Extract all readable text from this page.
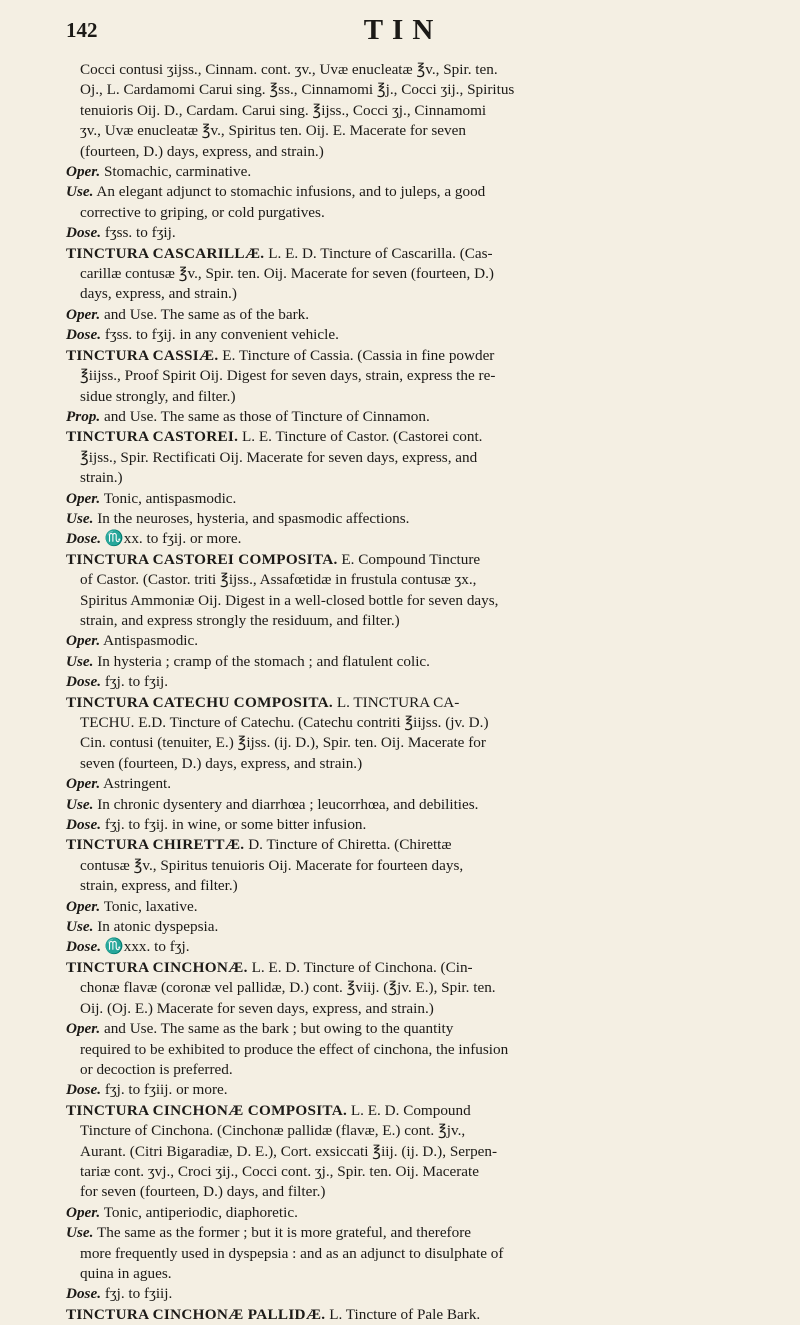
142	TIN

Cocci contusi ʒijss., Cinnam. cont. ʒv., Uvæ enucleatæ ℥v., Spir. ten.

Oj., L. Cardamomi Carui sing. ℥ss., Cinnamomi ℥j., Cocci ʒij., Spiritus

tenuioris Oij. D., Cardam. Carui sing. ℥ijss., Cocci ʒj., Cinnamomi

ʒv., Uvæ enucleatæ ℥v., Spiritus ten. Oij. E. Macerate for seven

(fourteen, D.) days, express, and strain.)

Oper. Stomachic, carminative.

Use. An elegant adjunct to stomachic infusions, and to juleps, a good

corrective to griping, or cold purgatives.

Dose. fʒss. to fʒij.

TINCTURA CASCARILLÆ. L. E. D. Tincture of Cascarilla. (Cas-

carillæ contusæ ℥v., Spir. ten. Oij. Macerate for seven (fourteen, D.)

days, express, and strain.)

Oper. and Use. The same as of the bark.

Dose. fʒss. to fʒij. in any convenient vehicle.

TINCTURA CASSIÆ. E. Tincture of Cassia. (Cassia in fine powder

℥iijss., Proof Spirit Oij. Digest for seven days, strain, express the re-

sidue strongly, and filter.)

Prop. and Use. The same as those of Tincture of Cinnamon.

TINCTURA CASTOREI. L. E. Tincture of Castor. (Castorei cont.

℥ijss., Spir. Rectificati Oij. Macerate for seven days, express, and

strain.)

Oper. Tonic, antispasmodic.

Use. In the neuroses, hysteria, and spasmodic affections.

Dose. ♏xx. to fʒij. or more.

TINCTURA CASTOREI COMPOSITA. E. Compound Tincture

of Castor. (Castor. triti ℥ijss., Assafœtidæ in frustula contusæ ʒx.,

Spiritus Ammoniæ Oij. Digest in a well-closed bottle for seven days,

strain, and express strongly the residuum, and filter.)

Oper. Antispasmodic.

Use. In hysteria ; cramp of the stomach ; and flatulent colic.

Dose. fʒj. to fʒij.

TINCTURA CATECHU COMPOSITA. L. TINCTURA CA-

TECHU. E.D. Tincture of Catechu. (Catechu contriti ℥iijss. (jv. D.)

Cin. contusi (tenuiter, E.) ℥ijss. (ij. D.), Spir. ten. Oij. Macerate for

seven (fourteen, D.) days, express, and strain.)

Oper. Astringent.

Use. In chronic dysentery and diarrhœa ; leucorrhœa, and debilities.

Dose. fʒj. to fʒij. in wine, or some bitter infusion.

TINCTURA CHIRETTÆ. D. Tincture of Chiretta. (Chirettæ

contusæ ℥v., Spiritus tenuioris Oij. Macerate for fourteen days,

strain, express, and filter.)

Oper. Tonic, laxative.

Use. In atonic dyspepsia.

Dose. ♏xxx. to fʒj.

TINCTURA CINCHONÆ. L. E. D. Tincture of Cinchona. (Cin-

chonæ flavæ (coronæ vel pallidæ, D.) cont. ℥viij. (℥jv. E.), Spir. ten.

Oij. (Oj. E.) Macerate for seven days, express, and strain.)

Oper. and Use. The same as the bark ; but owing to the quantity

required to be exhibited to produce the effect of cinchona, the infusion

or decoction is preferred.

Dose. fʒj. to fʒiij. or more.

TINCTURA CINCHONÆ COMPOSITA. L. E. D. Compound

Tincture of Cinchona. (Cinchonæ pallidæ (flavæ, E.) cont. ℥jv.,

Aurant. (Citri Bigaradiæ, D. E.), Cort. exsiccati ℥iij. (ij. D.), Serpen-

tariæ cont. ʒvj., Croci ʒij., Cocci cont. ʒj., Spir. ten. Oij. Macerate

for seven (fourteen, D.) days, and filter.)

Oper. Tonic, antiperiodic, diaphoretic.

Use. The same as the former ; but it is more grateful, and therefore

more frequently used in dyspepsia : and as an adjunct to disulphate of

quina in agues.

Dose. fʒj. to fʒiij.

TINCTURA CINCHONÆ PALLIDÆ. L. Tincture of Pale Bark.
